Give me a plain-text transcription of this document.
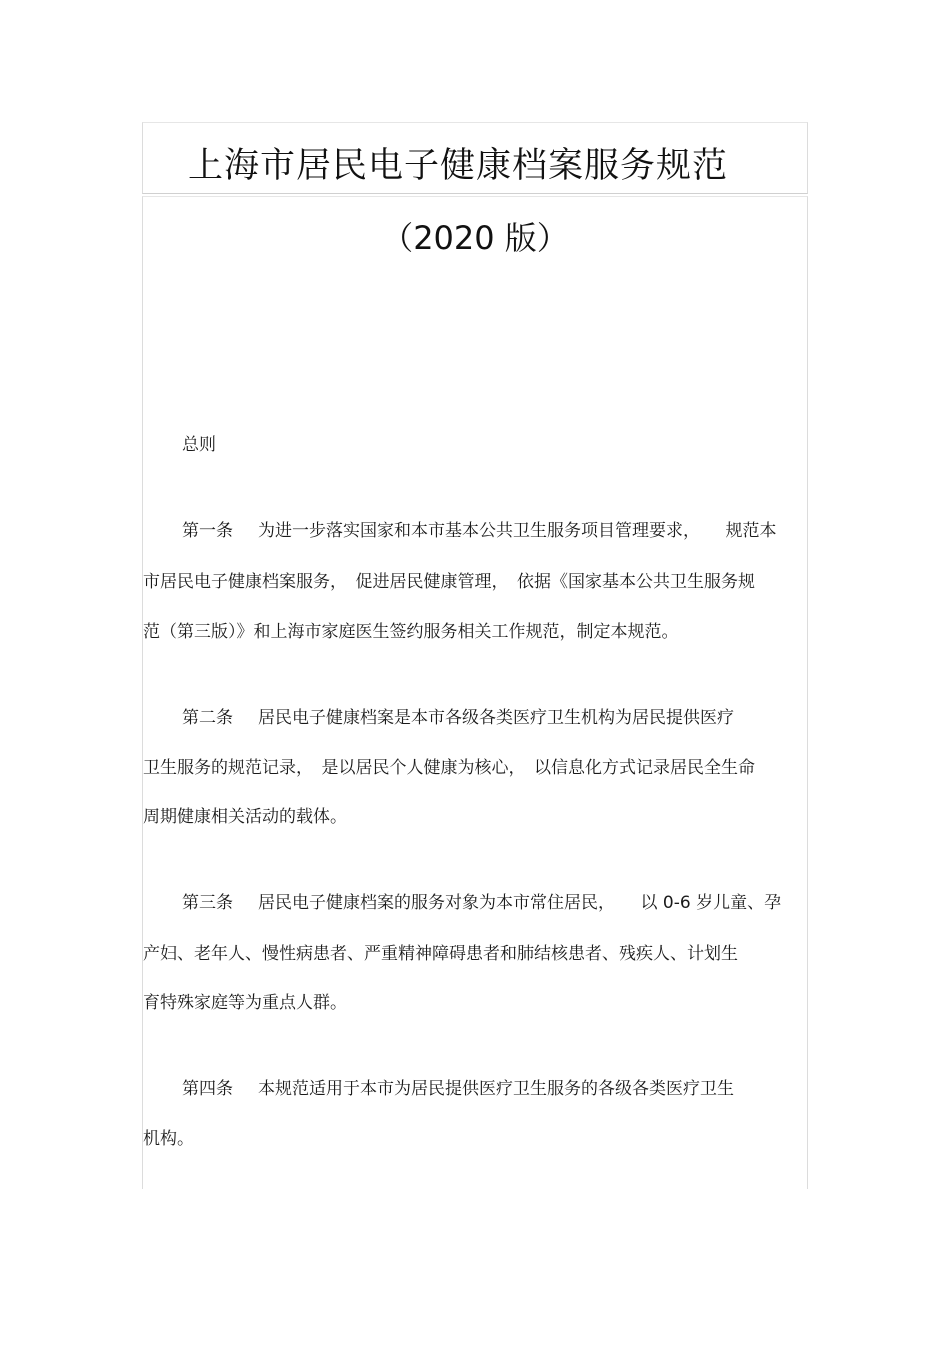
上海市居民电子健康档案服务规范
（2020 版）
总则
第一条 为进一步落实国家和本市基本公共卫生服务项目管理要求，　　规范本
市居民电子健康档案服务，　促进居民健康管理，　依据《国家基本公共卫生服务规
范（第三版）》和上海市家庭医生签约服务相关工作规范，制定本规范。
第二条 居民电子健康档案是本市各级各类医疗卫生机构为居民提供医疗
卫生服务的规范记录，　是以居民个人健康为核心，　以信息化方式记录居民全生命
周期健康相关活动的载体。
第三条 居民电子健康档案的服务对象为本市常住居民，　　以 0-6 岁儿童、孕
产妇、老年人、慢性病患者、严重精神障碍患者和肺结核患者、残疾人、计划生
育特殊家庭等为重点人群。
第四条 本规范适用于本市为居民提供医疗卫生服务的各级各类医疗卫生
机构。
